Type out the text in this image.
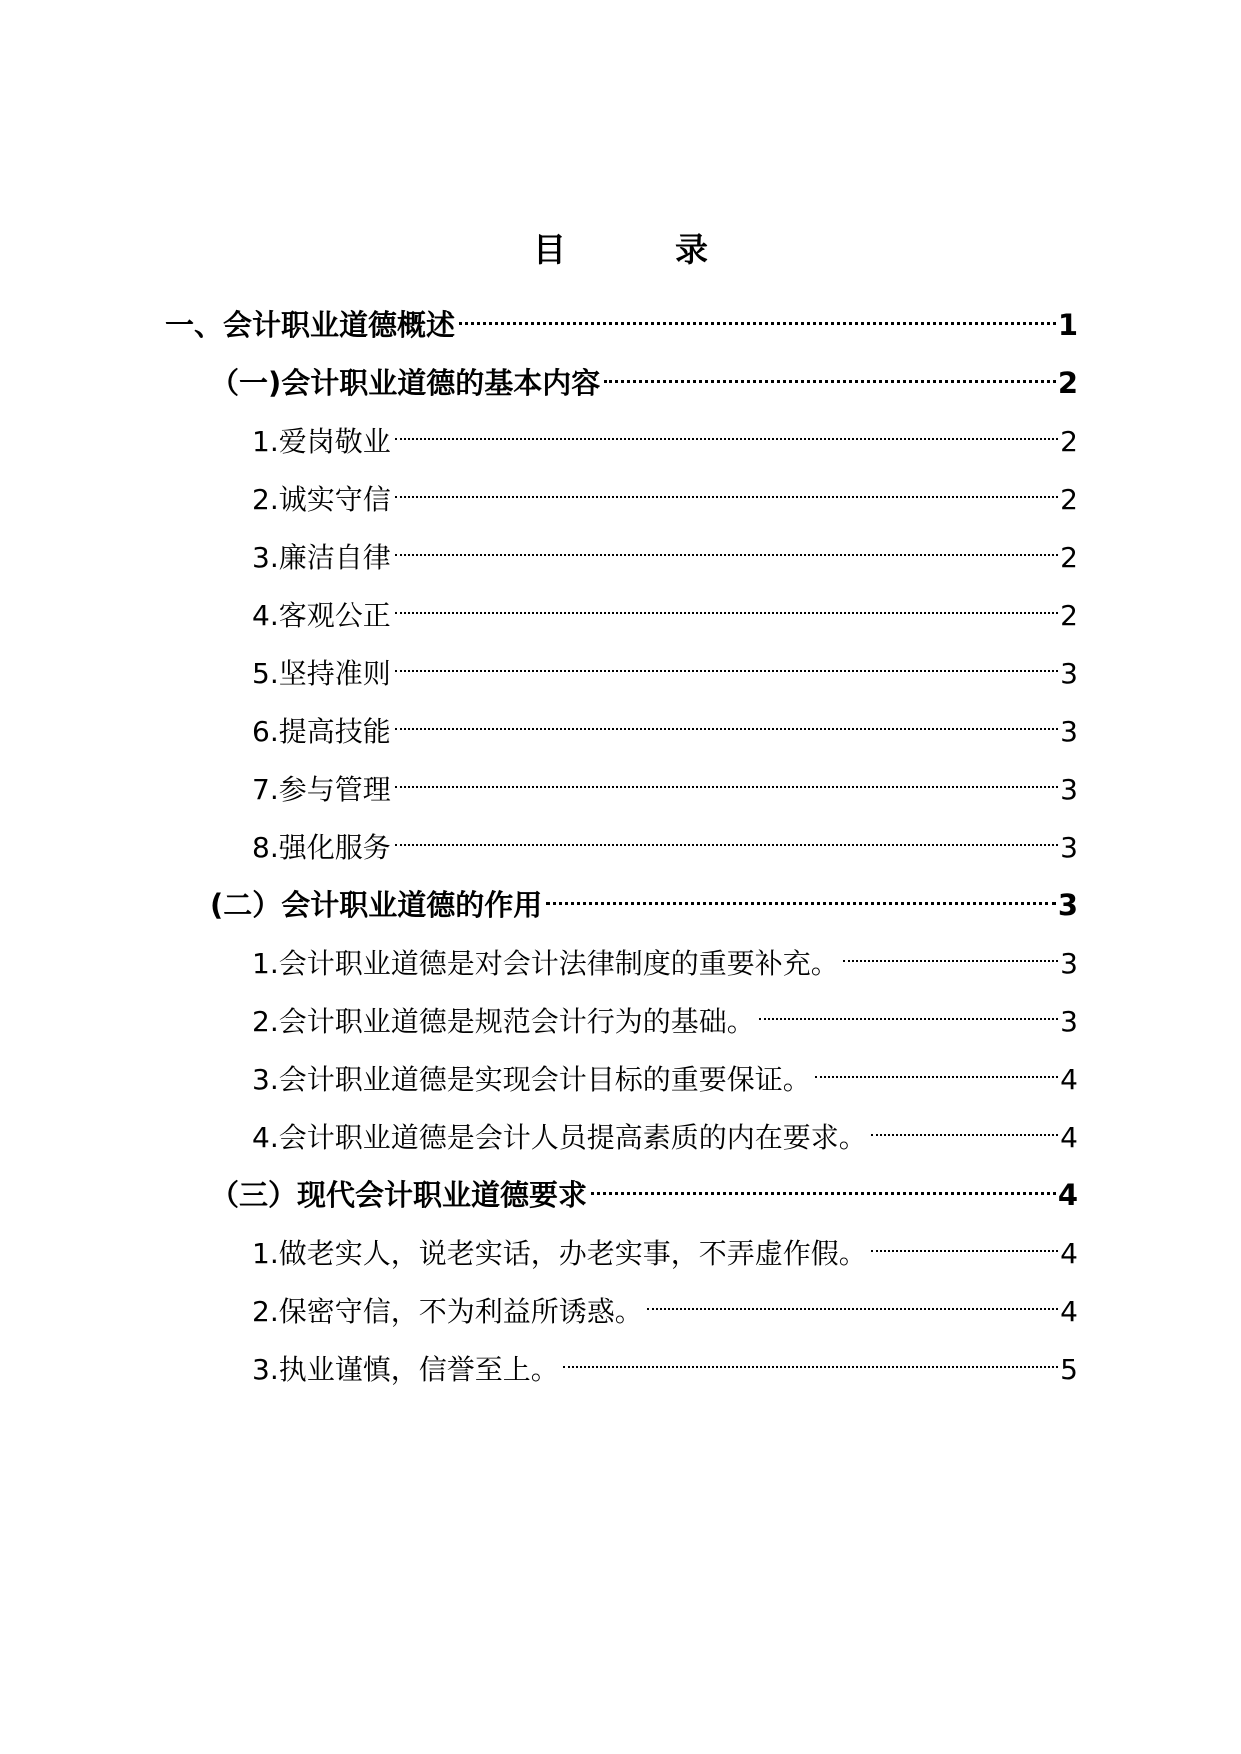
目　录
一、会计职业道德概述	1
（一)会计职业道德的基本内容	2
1.爱岗敬业	2
2.诚实守信	2
3.廉洁自律	2
4.客观公正	2
5.坚持准则	3
6.提高技能	3
7.参与管理	3
8.强化服务	3
(二）会计职业道德的作用	3
1.会计职业道德是对会计法律制度的重要补充。	3
2.会计职业道德是规范会计行为的基础。	3
3.会计职业道德是实现会计目标的重要保证。	4
4.会计职业道德是会计人员提高素质的内在要求。	4
（三）现代会计职业道德要求	4
1.做老实人，说老实话，办老实事，不弄虚作假。	4
2.保密守信，不为利益所诱惑。	4
3.执业谨慎，信誉至上。	5
